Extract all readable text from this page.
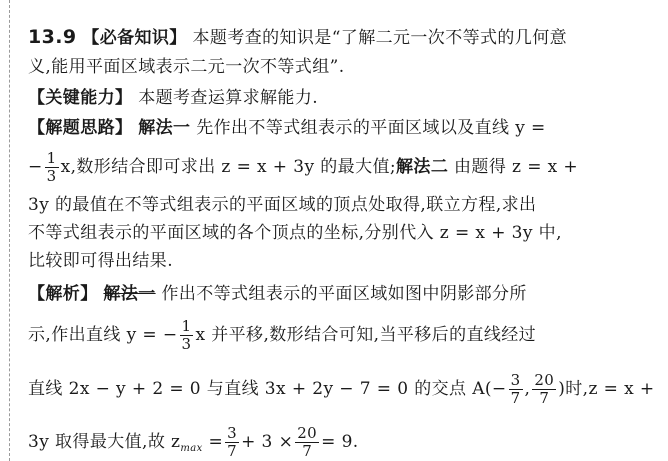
13.9 【必备知识】 本题考查的知识是“了解二元一次不等式的几何意
义,能用平面区域表示二元一次不等式组”.
【关键能力】 本题考查运算求解能力.
【解题思路】 解法一 先作出不等式组表示的平面区域以及直线 y =
− $\frac{1}{3} x$,数形结合即可求出 z = x + 3y 的最大值;解法二 由题得 z = x +
3y 的最值在不等式组表示的平面区域的顶点处取得,联立方程,求出
不等式组表示的平面区域的各个顶点的坐标,分别代入 z = x + 3y 中,
比较即可得出结果.
【解析】 解法一 作出不等式组表示的平面区域如图中阴影部分所
示,作出直线 y = − $\frac{1}{3}$ x 并平移,数形结合可知,当平移后的直线经过
直线 2x − y + 2 = 0 与直线 3x + 2y − 7 = 0 的交点 $A(- \frac{3}{7}$ , $\frac{20}{7}$ )时,z = x +
3y 取得最大值,故 $z_{max} = \frac{3}{7} + 3 \times \frac{20}{7} = 9$.
